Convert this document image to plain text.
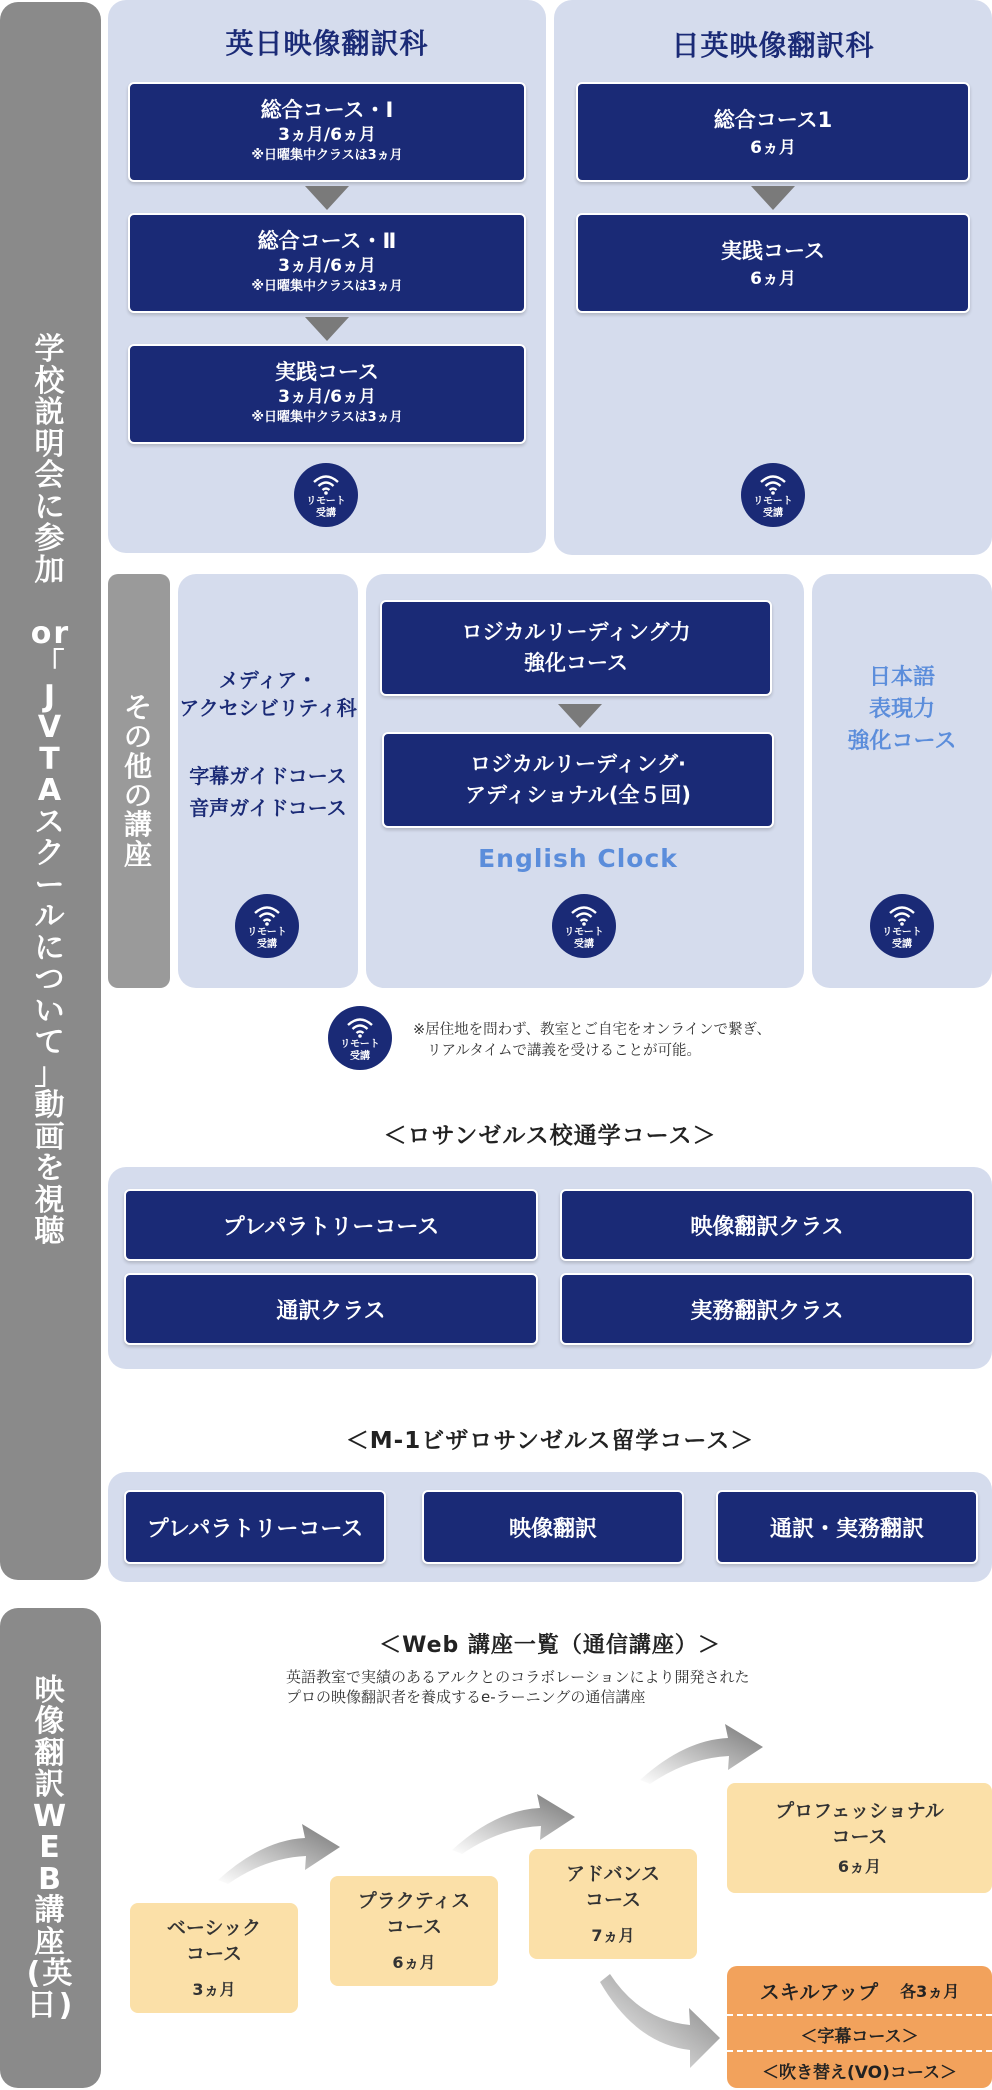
学
校
説
明
会
に
参
加

or
「
J
V
T
A
ス
ク
ー
ル
に
つ
い
て
」
動
画
を
視
聴
映
像
翻
訳
W
E
B
講
座
(英
日)
英日映像翻訳科
総合コース・Ⅰ
3ヵ月/6ヵ月
※日曜集中クラスは3ヵ月
総合コース・Ⅱ
3ヵ月/6ヵ月
※日曜集中クラスは3ヵ月
実践コース
3ヵ月/6ヵ月
※日曜集中クラスは3ヵ月
リモート
受講
日英映像翻訳科
総合コース1
6ヵ月
実践コース
6ヵ月
リモート
受講
そ
の
他
の
講
座
メディア・
アクセシビリティ科
字幕ガイドコース
音声ガイドコース
リモート
受講
ロジカルリーディング力
強化コース
ロジカルリーディング·
アディショナル(全５回)
English Clock
リモート
受講
日本語
表現力
強化コース
リモート
受講
リモート
受講
※居住地を問わず、教室とご自宅をオンラインで繋ぎ、
リアルタイムで講義を受けることが可能。
＜ロサンゼルス校通学コース＞
プレパラトリーコース	映像翻訳クラス
通訳クラス	実務翻訳クラス
＜M-1ビザロサンゼルス留学コース＞
プレパラトリーコース	映像翻訳	通訳・実務翻訳
＜Web 講座一覧（通信講座）＞
英語教室で実績のあるアルクとのコラボレーションにより開発された
プロの映像翻訳者を養成するe-ラーニングの通信講座
ベーシック
コース
3ヵ月
プラクティス
コース
6ヵ月
アドバンス
コース
7ヵ月
プロフェッショナル
コース
6ヵ月
スキルアップ 各3ヵ月
＜字幕コース＞
＜吹き替え(VO)コース＞
